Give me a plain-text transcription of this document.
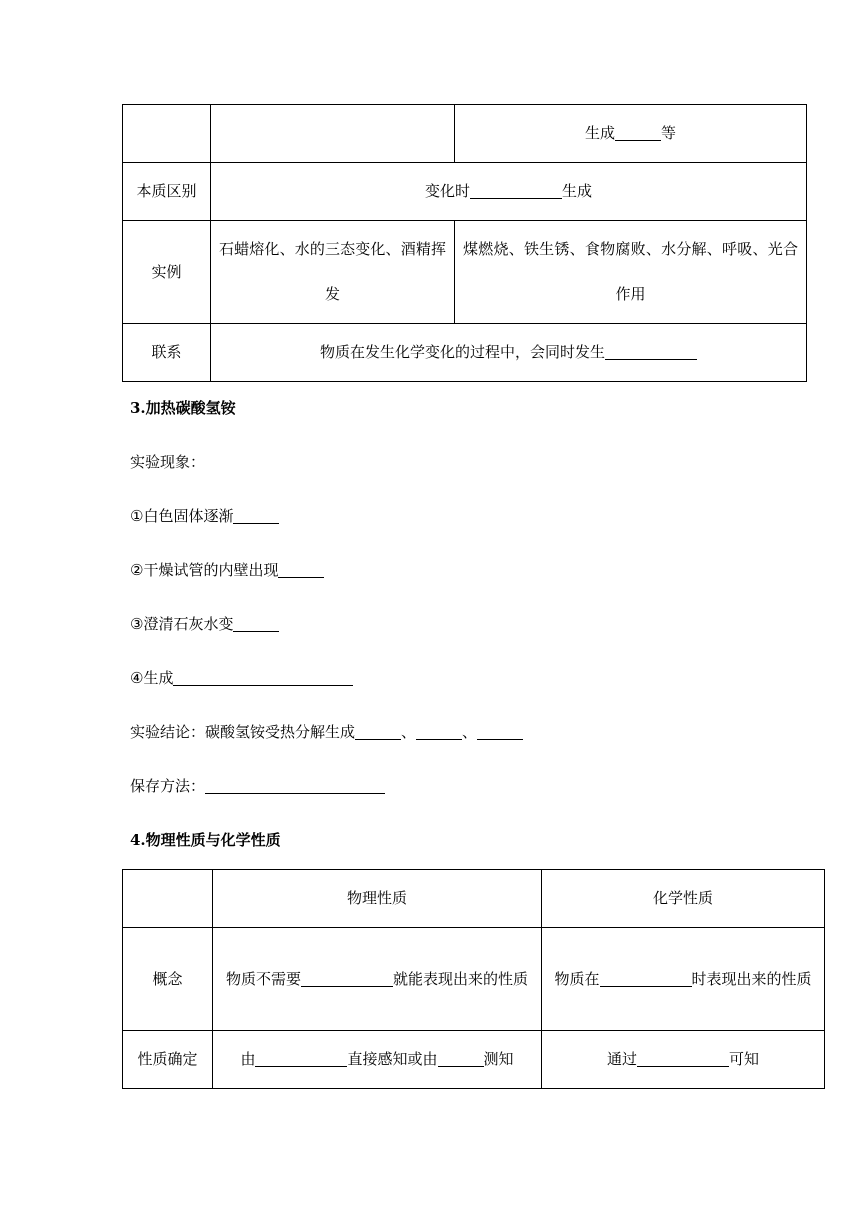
		生成 等
本质区别	变化时 生成	
实例	石蜡熔化、水的三态变化、酒精挥发	煤燃烧、铁生锈、食物腐败、水分解、呼吸、光合作用
联系	物质在发生化学变化的过程中，会同时发生	

3.加热碳酸氢铵

实验现象：

①白色固体逐渐

②干燥试管的内壁出现

③澄清石灰水变

④生成

实验结论：碳酸氢铵受热分解生成	、	、

保存方法：

4.物理性质与化学性质

	物理性质	化学性质
概念	物质不需要 就能表现出来的性质	物质在 时表现出来的性质
性质确定	由 直接感知或由 测知	通过 可知
